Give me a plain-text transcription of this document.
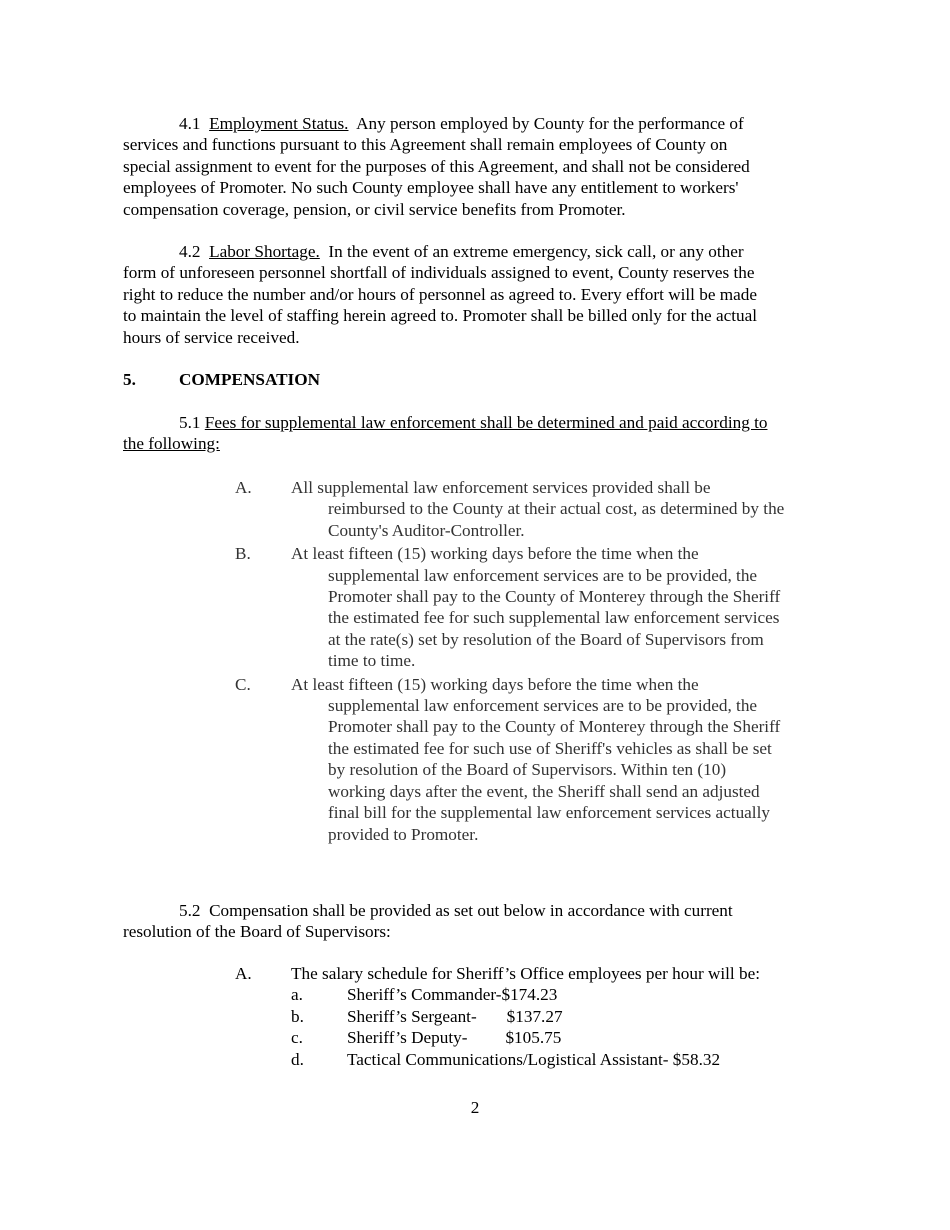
4.1 Employment Status. Any person employed by County for the performance of
services and functions pursuant to this Agreement shall remain employees of County on
special assignment to event for the purposes of this Agreement, and shall not be considered
employees of Promoter. No such County employee shall have any entitlement to workers'
compensation coverage, pension, or civil service benefits from Promoter.
4.2 Labor Shortage. In the event of an extreme emergency, sick call, or any other
form of unforeseen personnel shortfall of individuals assigned to event, County reserves the
right to reduce the number and/or hours of personnel as agreed to. Every effort will be made
to maintain the level of staffing herein agreed to. Promoter shall be billed only for the actual
hours of service received.
5.	COMPENSATION
5.1 Fees for supplemental law enforcement shall be determined and paid according to
the following:
A.	All supplemental law enforcement services provided shall be
reimbursed to the County at their actual cost, as determined by the
County's Auditor-Controller.
B.	At least fifteen (15) working days before the time when the
supplemental law enforcement services are to be provided, the
Promoter shall pay to the County of Monterey through the Sheriff
the estimated fee for such supplemental law enforcement services
at the rate(s) set by resolution of the Board of Supervisors from
time to time.
C.	At least fifteen (15) working days before the time when the
supplemental law enforcement services are to be provided, the
Promoter shall pay to the County of Monterey through the Sheriff
the estimated fee for such use of Sheriff's vehicles as shall be set
by resolution of the Board of Supervisors. Within ten (10)
working days after the event, the Sheriff shall send an adjusted
final bill for the supplemental law enforcement services actually
provided to Promoter.
5.2 Compensation shall be provided as set out below in accordance with current
resolution of the Board of Supervisors:
A.	The salary schedule for Sheriff’s Office employees per hour will be:
a.	Sheriff’s Commander-$174.23
b.	Sheriff’s Sergeant- $137.27
c.	Sheriff’s Deputy- $105.75
d.	Tactical Communications/Logistical Assistant- $58.32
2
